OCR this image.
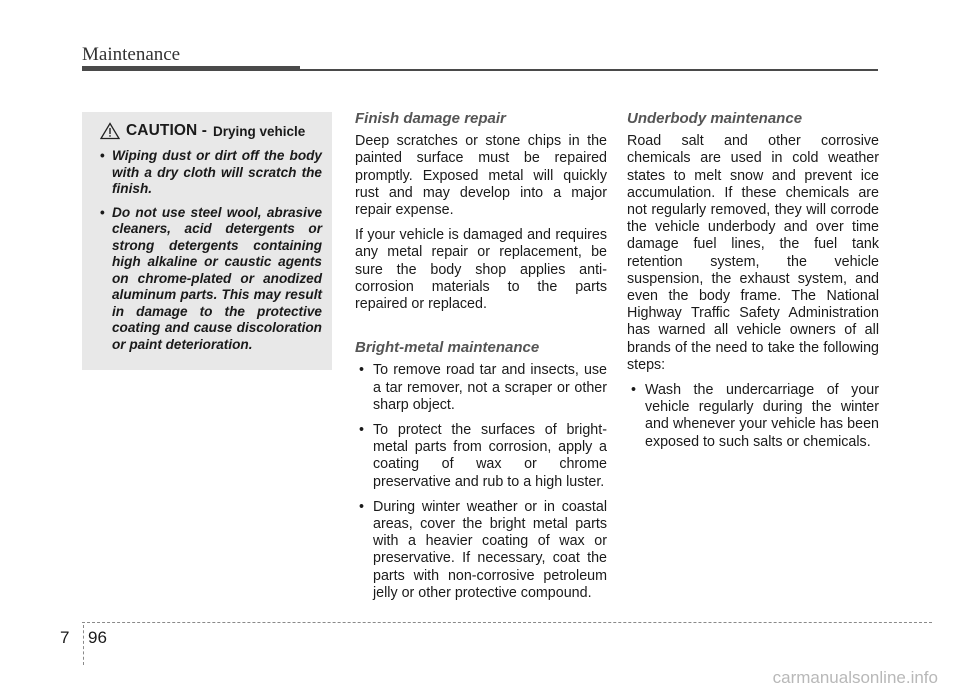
Maintenance
CAUTION - Drying vehicle
• Wiping dust or dirt off the body with a dry cloth will scratch the finish.
• Do not use steel wool, abrasive cleaners, acid detergents or strong detergents containing high alkaline or caustic agents on chrome-plated or anodized aluminum parts. This may result in damage to the protective coating and cause discoloration or paint deterioration.
Finish damage repair

Deep scratches or stone chips in the painted surface must be repaired promptly. Exposed metal will quickly rust and may develop into a major repair expense.

If your vehicle is damaged and requires any metal repair or replacement, be sure the body shop applies anti-corrosion materials to the parts repaired or replaced.

Bright-metal maintenance
• To remove road tar and insects, use a tar remover, not a scraper or other sharp object.
• To protect the surfaces of bright-metal parts from corrosion, apply a coating of wax or chrome preservative and rub to a high luster.
• During winter weather or in coastal areas, cover the bright metal parts with a heavier coating of wax or preservative. If necessary, coat the parts with non-corrosive petroleum jelly or other protective compound.
Underbody maintenance

Road salt and other corrosive chemicals are used in cold weather states to melt snow and prevent ice accumulation. If these chemicals are not regularly removed, they will corrode the vehicle underbody and over time damage fuel lines, the fuel tank retention system, the vehicle suspension, the exhaust system, and even the body frame. The National Highway Traffic Safety Administration has warned all vehicle owners of all brands of the need to take the following steps:

• Wash the undercarriage of your vehicle regularly during the winter and whenever your vehicle has been exposed to such salts or chemicals.
7 96
carmanualsonline.info
